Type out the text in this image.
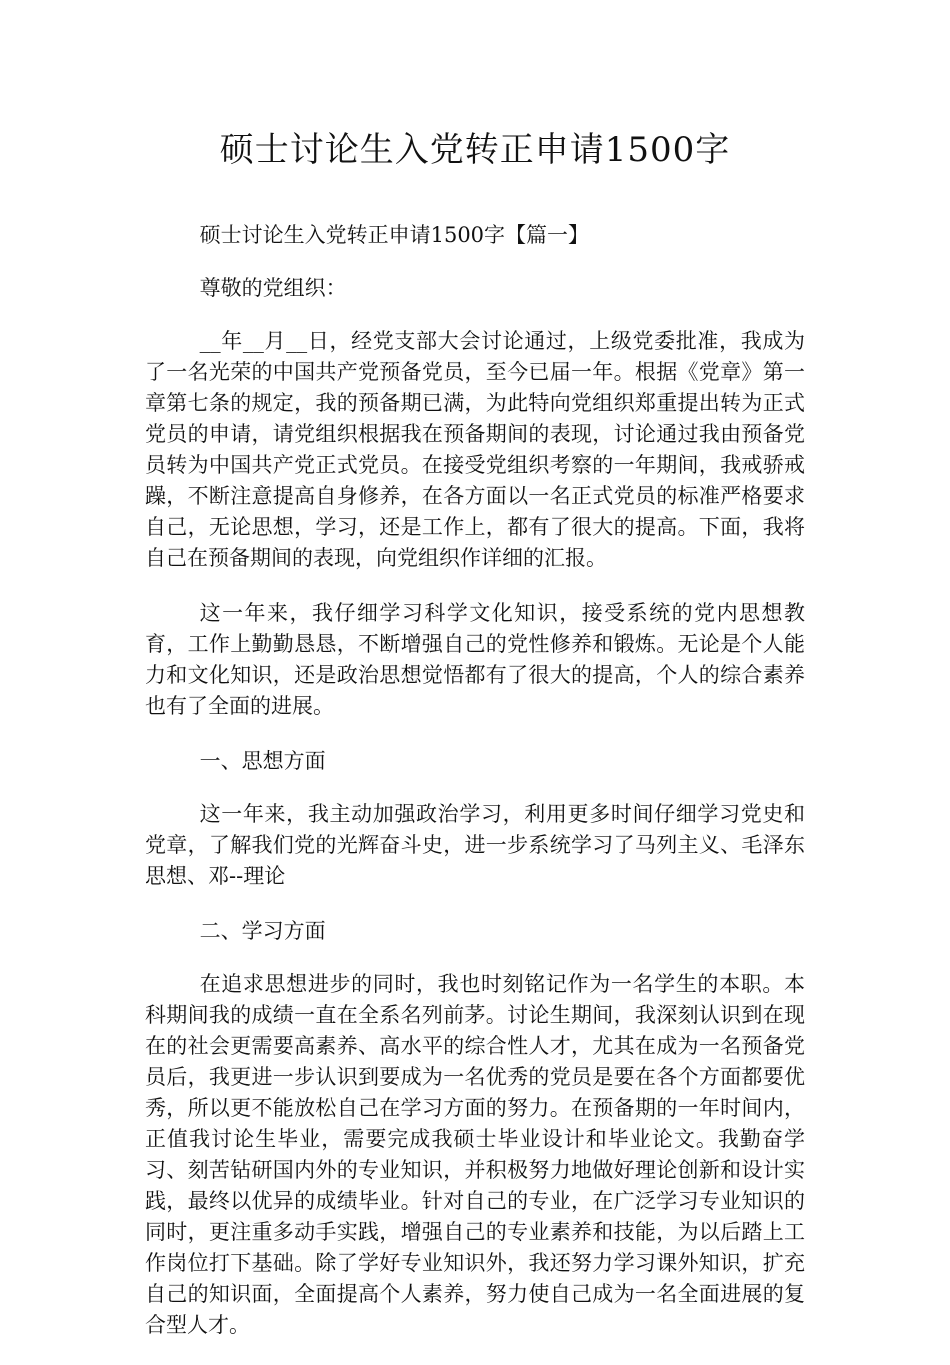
硕士讨论生入党转正申请1500字

硕士讨论生入党转正申请1500字【篇一】

尊敬的党组织：

__年__月__日，经党支部大会讨论通过，上级党委批准，我成为了一名光荣的中国共产党预备党员，至今已届一年。根据《党章》第一章第七条的规定，我的预备期已满，为此特向党组织郑重提出转为正式党员的申请，请党组织根据我在预备期间的表现，讨论通过我由预备党员转为中国共产党正式党员。在接受党组织考察的一年期间，我戒骄戒躁，不断注意提高自身修养，在各方面以一名正式党员的标准严格要求自己，无论思想，学习，还是工作上，都有了很大的提高。下面，我将自己在预备期间的表现，向党组织作详细的汇报。

这一年来，我仔细学习科学文化知识，接受系统的党内思想教育，工作上勤勤恳恳，不断增强自己的党性修养和锻炼。无论是个人能力和文化知识，还是政治思想觉悟都有了很大的提高，个人的综合素养也有了全面的进展。

一、思想方面

这一年来，我主动加强政治学习，利用更多时间仔细学习党史和党章，了解我们党的光辉奋斗史，进一步系统学习了马列主义、毛泽东思想、邓--理论

二、学习方面

在追求思想进步的同时，我也时刻铭记作为一名学生的本职。本科期间我的成绩一直在全系名列前茅。讨论生期间，我深刻认识到在现在的社会更需要高素养、高水平的综合性人才，尤其在成为一名预备党员后，我更进一步认识到要成为一名优秀的党员是要在各个方面都要优秀，所以更不能放松自己在学习方面的努力。在预备期的一年时间内，正值我讨论生毕业，需要完成我硕士毕业设计和毕业论文。我勤奋学习、刻苦钻研国内外的专业知识，并积极努力地做好理论创新和设计实践，最终以优异的成绩毕业。针对自己的专业，在广泛学习专业知识的同时，更注重多动手实践，增强自己的专业素养和技能，为以后踏上工作岗位打下基础。除了学好专业知识外，我还努力学习课外知识，扩充自己的知识面，全面提高个人素养，努力使自己成为一名全面进展的复合型人才。
